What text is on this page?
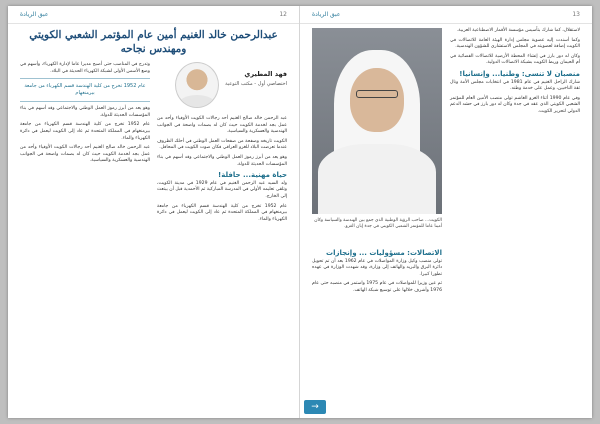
12
عبق الريادة
عبدالرحمن خالد الغنيم أمين عام المؤتمر الشعبي الكويتي ومهندس نجاحه
فهد المطيري
اختصاصي أول - مكتب التوعية

عبد الرحمن خالد صالح الغنيم أحد رجالات الكويت الأوفياء وأحد من عمل بجد لخدمة الكويت حيث كان له بصمات واضحة في الجوانب الهندسية والعسكرية والسياسية.

الكويت تاريخه وصفحة من صفحات العمل الوطني في أحلك الظروف عندما تعرضت البلاد للغزو العراقي فكان صوت الكويت في المحافل.

وهو يعد من أبرز رموز العمل الوطني والاجتماعي وقد أسهم في بناء المؤسسات الحديثة للدولة.

حياة مهنية... حافلة!

ولد السيد عبد الرحمن الغنيم في عام 1929 في مدينة الكويت، وتلقى تعليمه الأولي في المدرسة المباركية ثم الأحمدية قبل أن يبتعث إلى الخارج.

عام 1952 تخرج من كلية الهندسة قسم الكهرباء من جامعة بيرمنغهام في المملكة المتحدة ثم عاد إلى الكويت ليعمل في دائرة الكهرباء والماء.

وتدرج في المناصب حتى أصبح مديرا عاما لإدارة الكهرباء، وأسهم في وضع الأسس الأولى لشبكة الكهرباء الحديثة في البلاد.

عام 1952 تخرج من كلية الهندسة قسم الكهرباء من جامعة بيرمنغهام

وهو يعد من أبرز رموز العمل الوطني والاجتماعي وقد أسهم في بناء المؤسسات الحديثة للدولة.

عام 1952 تخرج من كلية الهندسة قسم الكهرباء من جامعة بيرمنغهام في المملكة المتحدة ثم عاد إلى الكويت ليعمل في دائرة الكهرباء والماء.

عبد الرحمن خالد صالح الغنيم أحد رجالات الكويت الأوفياء وأحد من عمل بجد لخدمة الكويت حيث كان له بصمات واضحة في الجوانب الهندسية والعسكرية والسياسية.

13
عبق الريادة
الكويت... صاحب الرؤية الوطنية الذي جمع بين الهندسة والسياسة وكان أمينا عاما للمؤتمر الشعبي الكويتي في جدة إبان الغزو.

لاستقلال، كما شارك بتأسيس مؤسسة الأقمار الاصطناعية العربية.

وكما أسندت إليه عضوية مجلس إدارة الهيئة العامة للاتصالات في الكويت إضافة لعضويته في المجلس الاستشاري للشؤون الهندسية.

وكان له دور بارز في إنشاء المحطة الأرضية للاتصالات الفضائية في أم الحيمان وربط الكويت بشبكة الاتصالات الدولية.

منصبان لا تنسى: وطنيا... وإنسانيا!

شارك الراحل الغنيم في عام 1981 في انتخابات مجلس الأمة ونال ثقة الناخبين، وعمل على خدمة وطنه.

وفي عام 1990 أثناء الغزو الغاشم تولى منصب الأمين العام للمؤتمر الشعبي الكويتي الذي عقد في جدة وكان له دور بارز في حشد الدعم الدولي لتحرير الكويت.

الاتصالات: مسؤوليات ... وإنجازات

تولى منصب وكيل وزارة المواصلات في عام 1962 بعد أن تم تحويل دائرة البرق والبريد والهاتف إلى وزارة، وقد شهدت الوزارة في عهده تطورا كبيرا.

ثم عين وزيرا للمواصلات في عام 1975 واستمر في منصبه حتى عام 1976 وأشرف خلالها على توسيع شبكة الهاتف.

→
